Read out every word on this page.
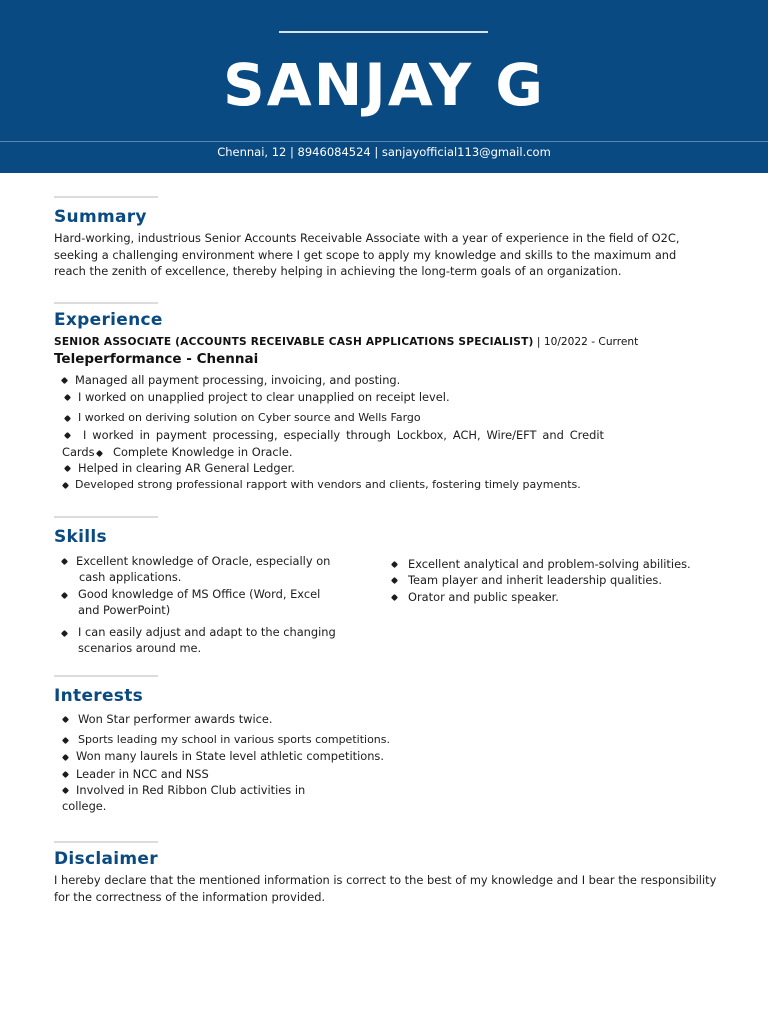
SANJAY G
Chennai, 12 | 8946084524 | sanjayofficial113@gmail.com
Summary
Hard-working, industrious Senior Accounts Receivable Associate with a year of experience in the field of O2C,
seeking a challenging environment where I get scope to apply my knowledge and skills to the maximum and
reach the zenith of excellence, thereby helping in achieving the long-term goals of an organization.
Experience
SENIOR ASSOCIATE (ACCOUNTS RECEIVABLE CASH APPLICATIONS SPECIALIST) | 10/2022 - Current
Teleperformance - Chennai
Managed all payment processing, invoicing, and posting.
I worked on unapplied project to clear unapplied on receipt level.
I worked on deriving solution on Cyber source and Wells Fargo
I worked in payment processing, especially through Lockbox, ACH, Wire/EFT and Credit
Cards Complete Knowledge in Oracle.
Helped in clearing AR General Ledger.
Developed strong professional rapport with vendors and clients, fostering timely payments.
Skills
Excellent knowledge of Oracle, especially on
cash applications.
Good knowledge of MS Office (Word, Excel
and PowerPoint)
I can easily adjust and adapt to the changing
scenarios around me.
Excellent analytical and problem-solving abilities.
Team player and inherit leadership qualities.
Orator and public speaker.
Interests
Won Star performer awards twice.
Sports leading my school in various sports competitions.
Won many laurels in State level athletic competitions.
Leader in NCC and NSS
Involved in Red Ribbon Club activities in
college.
Disclaimer
I hereby declare that the mentioned information is correct to the best of my knowledge and I bear the responsibility
for the correctness of the information provided.
